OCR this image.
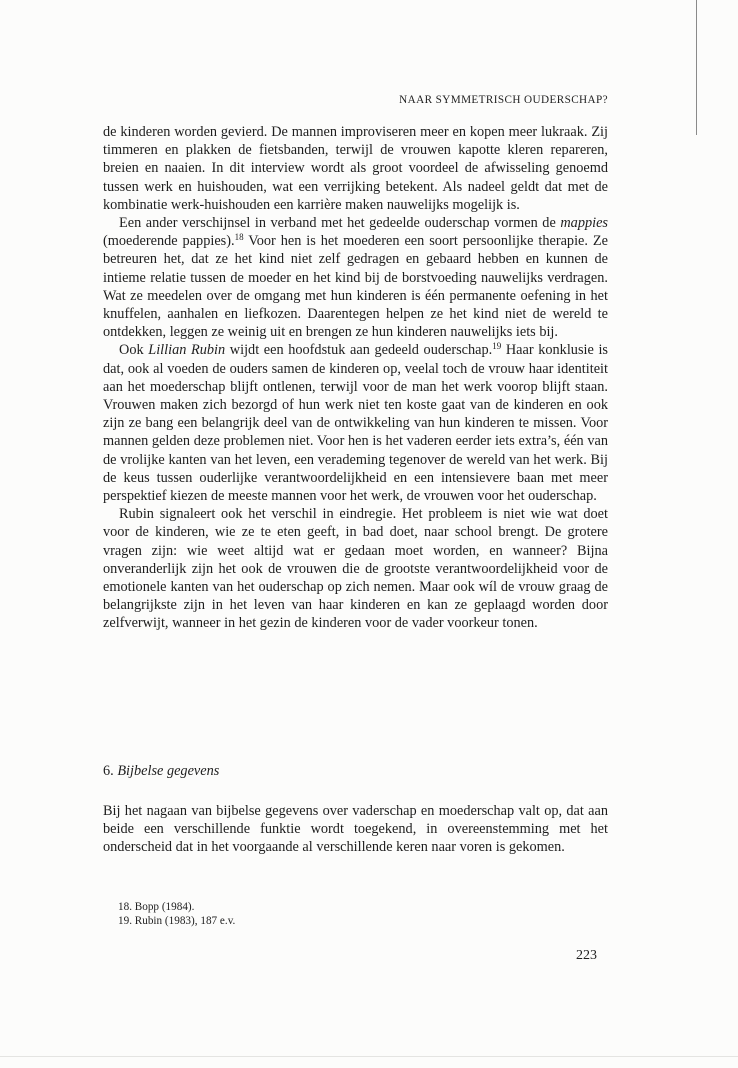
NAAR SYMMETRISCH OUDERSCHAP?

de kinderen worden gevierd. De mannen improviseren meer en kopen meer lukraak. Zij timmeren en plakken de fietsbanden, terwijl de vrouwen kapotte kleren repareren, breien en naaien. In dit interview wordt als groot voordeel de afwisseling genoemd tussen werk en huishouden, wat een verrijking betekent. Als nadeel geldt dat met de kombinatie werk-huishouden een karrière maken nauwelijks mogelijk is.

Een ander verschijnsel in verband met het gedeelde ouderschap vormen de mappies (moederende pappies).$^{18}$ Voor hen is het moederen een soort persoonlijke therapie. Ze betreuren het, dat ze het kind niet zelf gedragen en gebaard hebben en kunnen de intieme relatie tussen de moeder en het kind bij de borstvoeding nauwelijks verdragen. Wat ze meedelen over de omgang met hun kinderen is één permanente oefening in het knuffelen, aanhalen en liefkozen. Daarentegen helpen ze het kind niet de wereld te ontdekken, leggen ze weinig uit en brengen ze hun kinderen nauwelijks iets bij.

Ook Lillian Rubin wijdt een hoofdstuk aan gedeeld ouderschap.$^{19}$ Haar konklusie is dat, ook al voeden de ouders samen de kinderen op, veelal toch de vrouw haar identiteit aan het moederschap blijft ontlenen, terwijl voor de man het werk voorop blijft staan. Vrouwen maken zich bezorgd of hun werk niet ten koste gaat van de kinderen en ook zijn ze bang een belangrijk deel van de ontwikkeling van hun kinderen te missen. Voor mannen gelden deze problemen niet. Voor hen is het vaderen eerder iets extra’s, één van de vrolijke kanten van het leven, een verademing tegenover de wereld van het werk. Bij de keus tussen ouderlijke verantwoordelijkheid en een intensievere baan met meer perspektief kiezen de meeste mannen voor het werk, de vrouwen voor het ouderschap.

Rubin signaleert ook het verschil in eindregie. Het probleem is niet wie wat doet voor de kinderen, wie ze te eten geeft, in bad doet, naar school brengt. De grotere vragen zijn: wie weet altijd wat er gedaan moet worden, en wanneer? Bijna onveranderlijk zijn het ook de vrouwen die de grootste verantwoordelijkheid voor de emotionele kanten van het ouderschap op zich nemen. Maar ook wíl de vrouw graag de belangrijkste zijn in het leven van haar kinderen en kan ze geplaagd worden door zelfverwijt, wanneer in het gezin de kinderen voor de vader voorkeur tonen.

6. Bijbelse gegevens

Bij het nagaan van bijbelse gegevens over vaderschap en moederschap valt op, dat aan beide een verschillende funktie wordt toegekend, in overeenstemming met het onderscheid dat in het voorgaande al verschillende keren naar voren is gekomen.

18. Bopp (1984).
19. Rubin (1983), 187 e.v.
223
